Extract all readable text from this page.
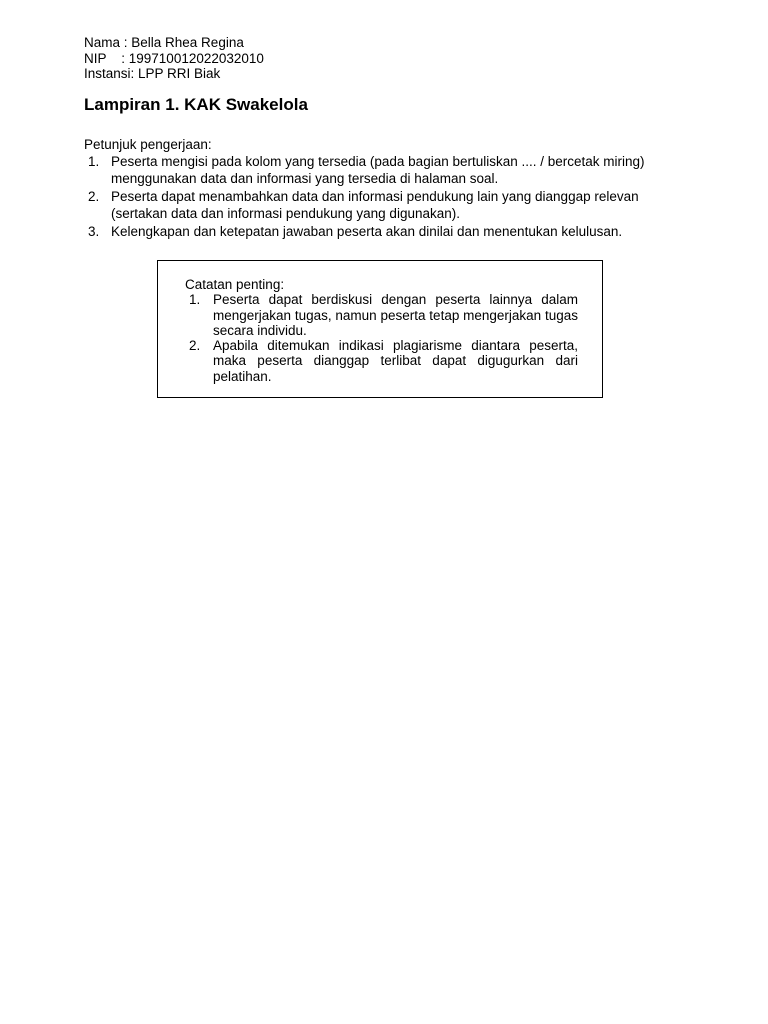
Nama : Bella Rhea Regina
NIP    : 199710012022032010
Instansi: LPP RRI Biak
Lampiran 1. KAK Swakelola
Petunjuk pengerjaan:
1. Peserta mengisi pada kolom yang tersedia (pada bagian bertuliskan .... / bercetak miring) menggunakan data dan informasi yang tersedia di halaman soal.
2. Peserta dapat menambahkan data dan informasi pendukung lain yang dianggap relevan (sertakan data dan informasi pendukung yang digunakan).
3. Kelengkapan dan ketepatan jawaban peserta akan dinilai dan menentukan kelulusan.
Catatan penting:
1. Peserta dapat berdiskusi dengan peserta lainnya dalam mengerjakan tugas, namun peserta tetap mengerjakan tugas secara individu.
2. Apabila ditemukan indikasi plagiarisme diantara peserta, maka peserta dianggap terlibat dapat digugurkan dari pelatihan.
